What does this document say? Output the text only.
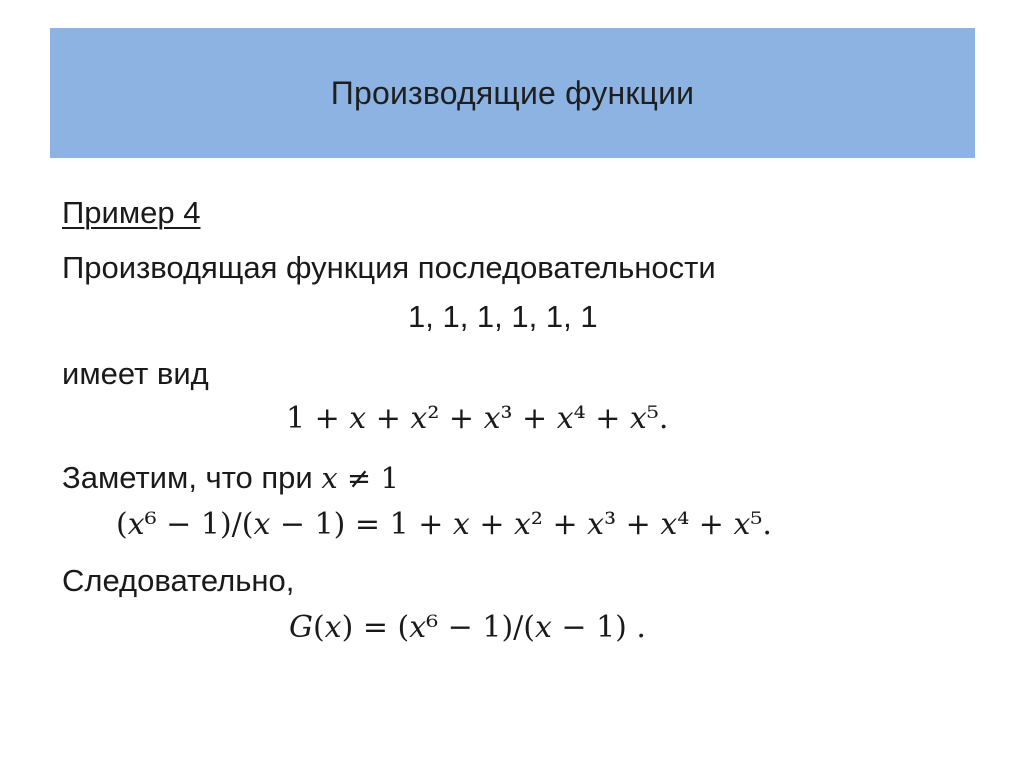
Производящие функции
Пример 4
Производящая функция последовательности
1, 1, 1, 1, 1, 1
имеет вид
1 + 𝑥 + 𝑥² + 𝑥³ + 𝑥⁴ + 𝑥⁵.
Заметим, что при 𝑥 ≠ 1
(𝑥⁶ − 1)/(𝑥 − 1) = 1 + 𝑥 + 𝑥² + 𝑥³ + 𝑥⁴ + 𝑥⁵.
Следовательно,
𝐺(𝑥) = (𝑥⁶ − 1)/(𝑥 − 1) .
